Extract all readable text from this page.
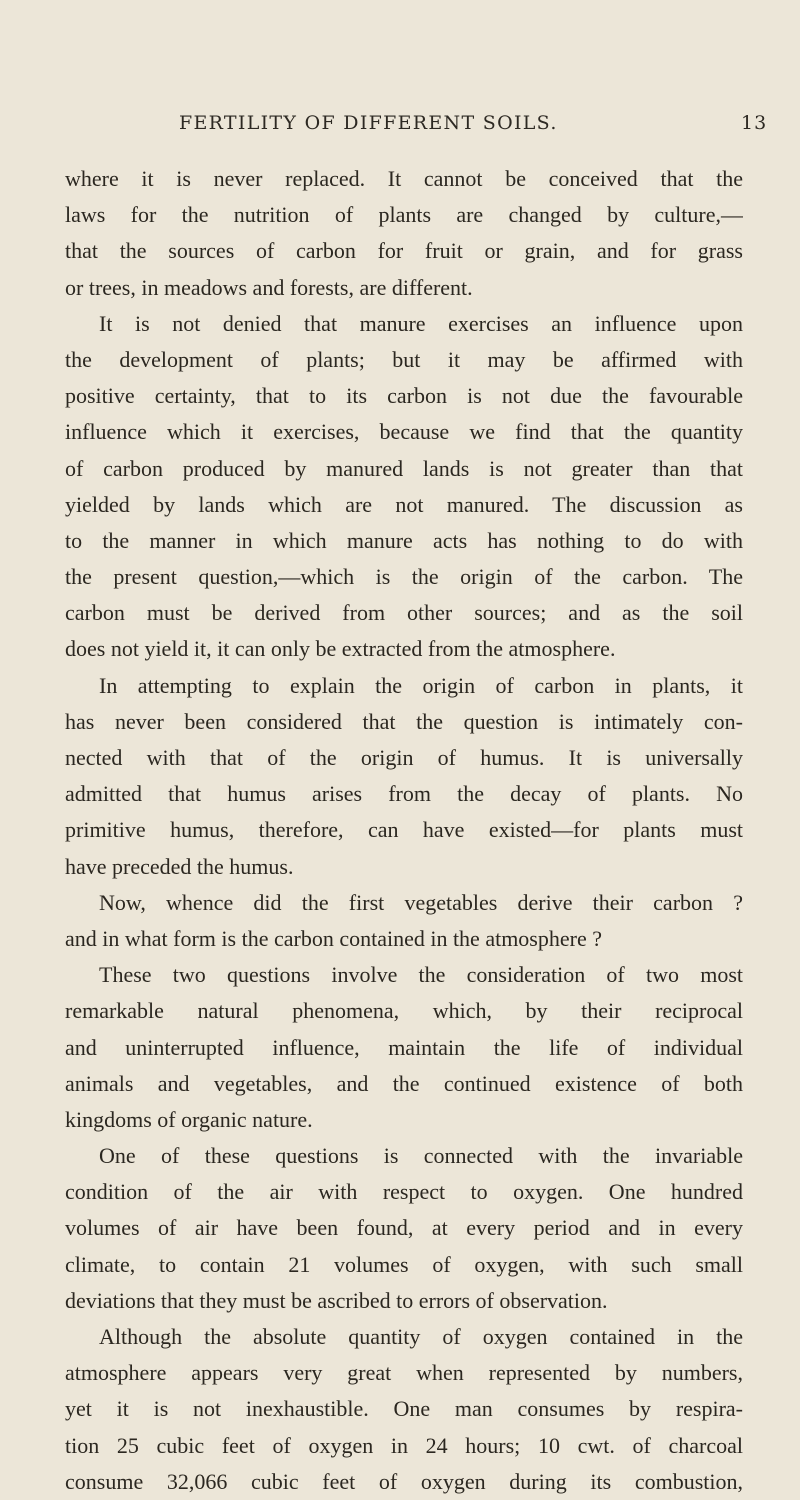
FERTILITY OF DIFFERENT SOILS.	13
where it is never replaced. It cannot be conceived that the
laws for the nutrition of plants are changed by culture,—
that the sources of carbon for fruit or grain, and for grass
or trees, in meadows and forests, are different.
It is not denied that manure exercises an influence upon
the development of plants; but it may be affirmed with
positive certainty, that to its carbon is not due the favourable
influence which it exercises, because we find that the quantity
of carbon produced by manured lands is not greater than that
yielded by lands which are not manured. The discussion as
to the manner in which manure acts has nothing to do with
the present question,—which is the origin of the carbon. The
carbon must be derived from other sources; and as the soil
does not yield it, it can only be extracted from the atmosphere.
In attempting to explain the origin of carbon in plants, it
has never been considered that the question is intimately con-
nected with that of the origin of humus. It is universally
admitted that humus arises from the decay of plants. No
primitive humus, therefore, can have existed—for plants must
have preceded the humus.
Now, whence did the first vegetables derive their carbon ?
and in what form is the carbon contained in the atmosphere ?
These two questions involve the consideration of two most
remarkable natural phenomena, which, by their reciprocal
and uninterrupted influence, maintain the life of individual
animals and vegetables, and the continued existence of both
kingdoms of organic nature.
One of these questions is connected with the invariable
condition of the air with respect to oxygen. One hundred
volumes of air have been found, at every period and in every
climate, to contain 21 volumes of oxygen, with such small
deviations that they must be ascribed to errors of observation.
Although the absolute quantity of oxygen contained in the
atmosphere appears very great when represented by numbers,
yet it is not inexhaustible. One man consumes by respira-
tion 25 cubic feet of oxygen in 24 hours; 10 cwt. of charcoal
consume 32,066 cubic feet of oxygen during its combustion,
